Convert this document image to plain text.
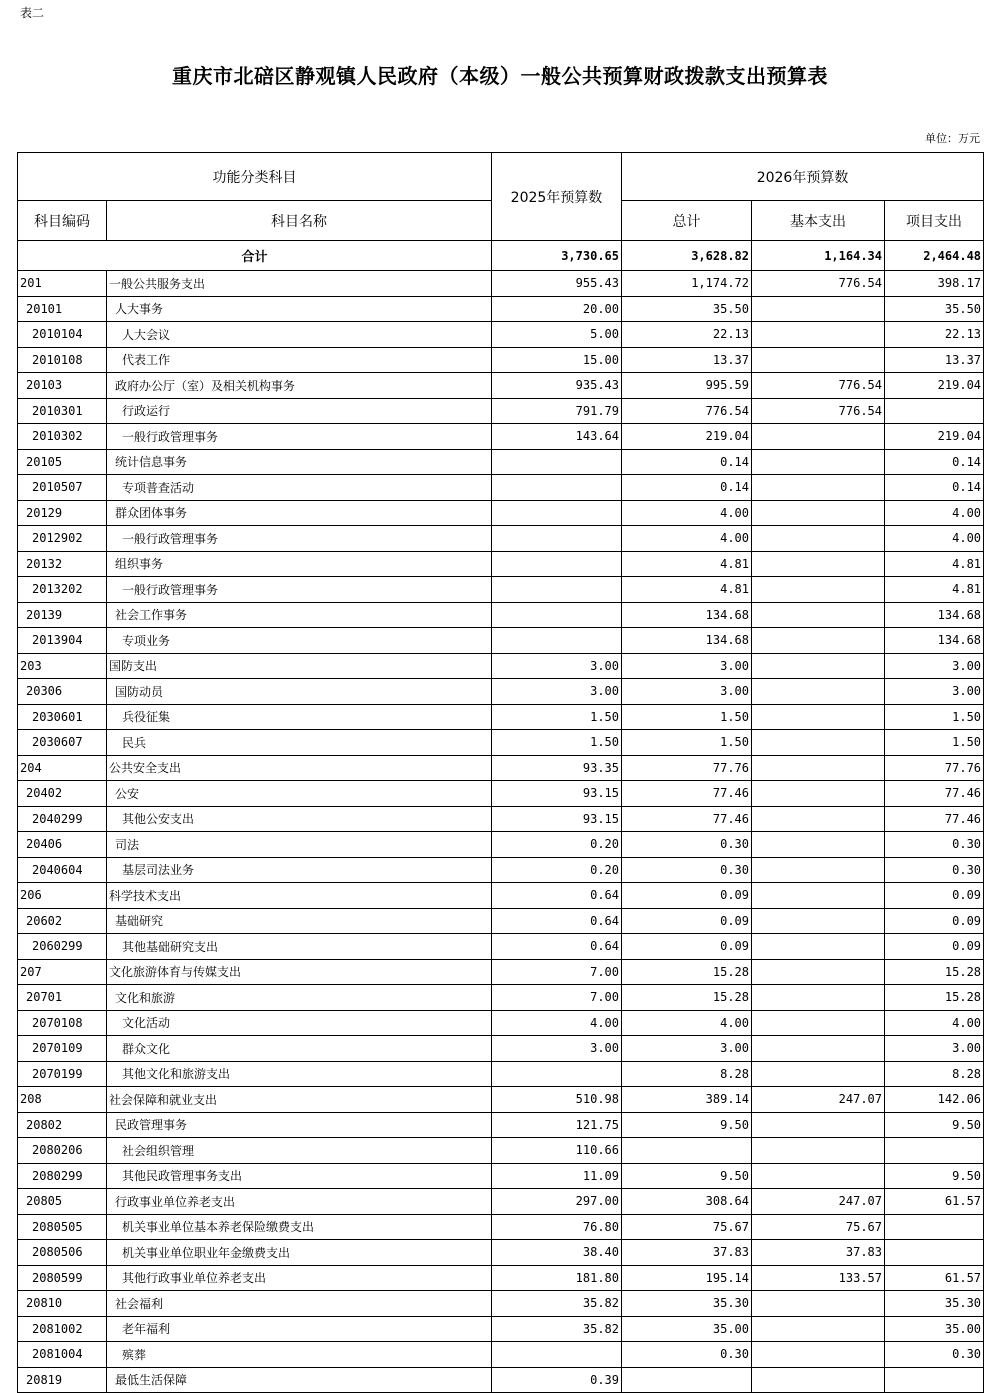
表二
重庆市北碚区静观镇人民政府（本级）一般公共预算财政拨款支出预算表
单位：万元
功能分类科目		2025年预算数	2026年预算数		
科目编码	科目名称		总计	基本支出	项目支出
合计		3,730.65	3,628.82	1,164.34	2,464.48
201	一般公共服务支出	955.43	1,174.72	776.54	398.17
20101	人大事务	20.00	35.50		35.50
2010104	人大会议	5.00	22.13		22.13
2010108	代表工作	15.00	13.37		13.37
20103	政府办公厅（室）及相关机构事务	935.43	995.59	776.54	219.04
2010301	行政运行	791.79	776.54	776.54	
2010302	一般行政管理事务	143.64	219.04		219.04
20105	统计信息事务		0.14		0.14
2010507	专项普查活动		0.14		0.14
20129	群众团体事务		4.00		4.00
2012902	一般行政管理事务		4.00		4.00
20132	组织事务		4.81		4.81
2013202	一般行政管理事务		4.81		4.81
20139	社会工作事务		134.68		134.68
2013904	专项业务		134.68		134.68
203	国防支出	3.00	3.00		3.00
20306	国防动员	3.00	3.00		3.00
2030601	兵役征集	1.50	1.50		1.50
2030607	民兵	1.50	1.50		1.50
204	公共安全支出	93.35	77.76		77.76
20402	公安	93.15	77.46		77.46
2040299	其他公安支出	93.15	77.46		77.46
20406	司法	0.20	0.30		0.30
2040604	基层司法业务	0.20	0.30		0.30
206	科学技术支出	0.64	0.09		0.09
20602	基础研究	0.64	0.09		0.09
2060299	其他基础研究支出	0.64	0.09		0.09
207	文化旅游体育与传媒支出	7.00	15.28		15.28
20701	文化和旅游	7.00	15.28		15.28
2070108	文化活动	4.00	4.00		4.00
2070109	群众文化	3.00	3.00		3.00
2070199	其他文化和旅游支出		8.28		8.28
208	社会保障和就业支出	510.98	389.14	247.07	142.06
20802	民政管理事务	121.75	9.50		9.50
2080206	社会组织管理	110.66			
2080299	其他民政管理事务支出	11.09	9.50		9.50
20805	行政事业单位养老支出	297.00	308.64	247.07	61.57
2080505	机关事业单位基本养老保险缴费支出	76.80	75.67	75.67	
2080506	机关事业单位职业年金缴费支出	38.40	37.83	37.83	
2080599	其他行政事业单位养老支出	181.80	195.14	133.57	61.57
20810	社会福利	35.82	35.30		35.30
2081002	老年福利	35.82	35.00		35.00
2081004	殡葬		0.30		0.30
20819	最低生活保障	0.39			
